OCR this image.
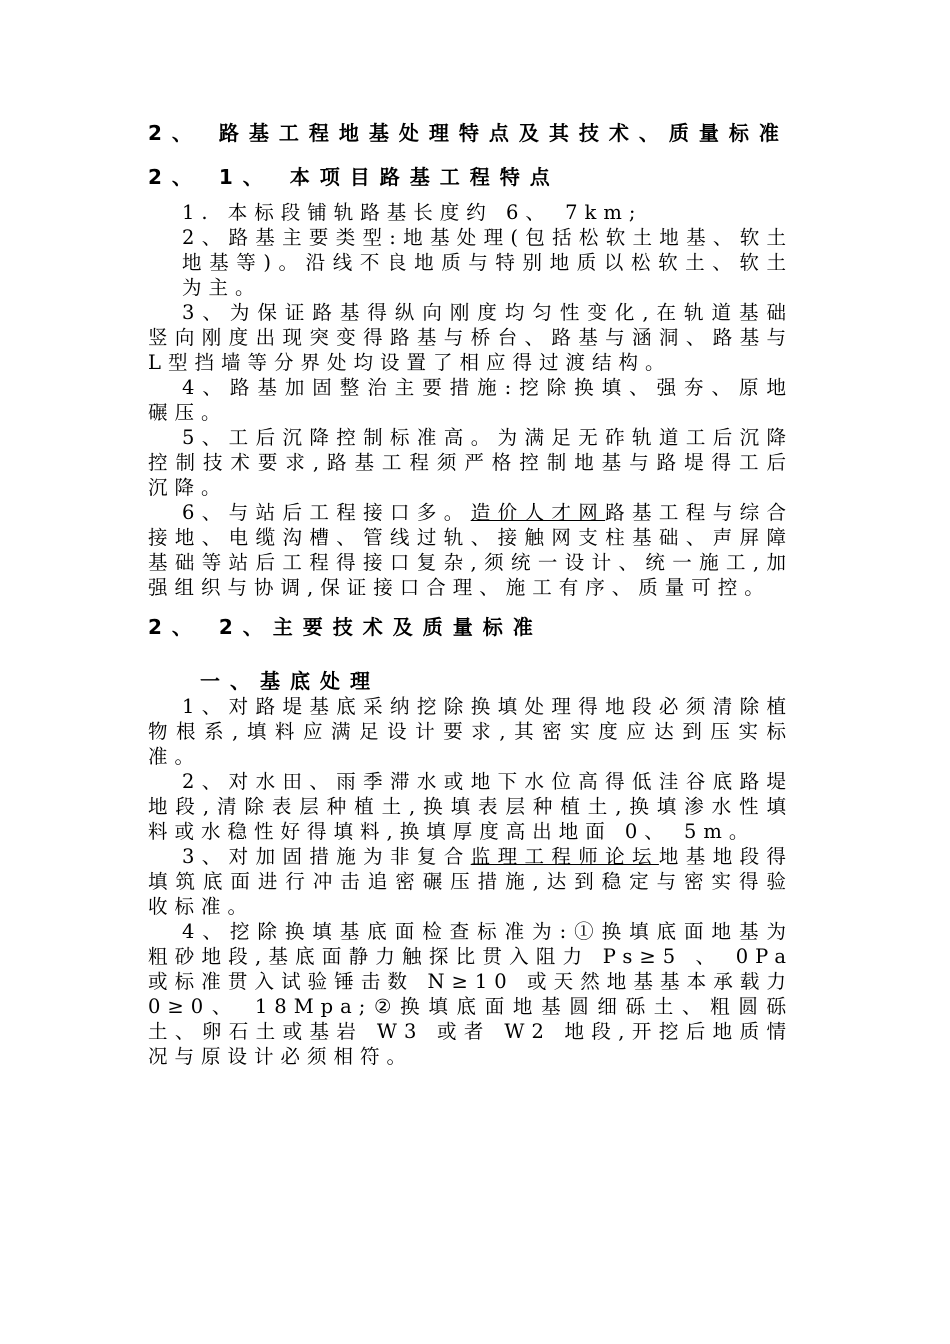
2、 路基工程地基处理特点及其技术、质量标准

2、 1、 本项目路基工程特点

1. 本标段铺轨路基长度约 6、 7km;

2、路基主要类型:地基处理(包括松软土地基、软土地基等)。沿线不良地质与特别地质以松软土、软土为主。

3、为保证路基得纵向刚度均匀性变化,在轨道基础竖向刚度出现突变得路基与桥台、路基与涵洞、路基与L型挡墙等分界处均设置了相应得过渡结构。

4、路基加固整治主要措施:挖除换填、强夯、原地碾压。

5、工后沉降控制标准高。为满足无砟轨道工后沉降控制技术要求,路基工程须严格控制地基与路堤得工后沉降。

6、与站后工程接口多。造价人才网路基工程与综合接地、电缆沟槽、管线过轨、接触网支柱基础、声屏障基础等站后工程得接口复杂,须统一设计、统一施工,加强组织与协调,保证接口合理、施工有序、质量可控。

2、 2、主要技术及质量标准

一、基底处理

1、对路堤基底采纳挖除换填处理得地段必须清除植物根系,填料应满足设计要求,其密实度应达到压实标准。

2、对水田、雨季滞水或地下水位高得低洼谷底路堤地段,清除表层种植土,换填表层种植土,换填渗水性填料或水稳性好得填料,换填厚度高出地面 0、 5m。

3、对加固措施为非复合监理工程师论坛地基地段得填筑底面进行冲击追密碾压措施,达到稳定与密实得验收标准。

4、挖除换填基底面检查标准为:①换填底面地基为粗砂地段,基底面静力触探比贯入阻力 Ps≥5 、 0Pa或标准贯入试验锤击数 N≥10 或天然地基基本承载力 0≥0、 18Mpa;②换填底面地基圆细砾土、粗圆砾土、卵石土或基岩 W3 或者 W2 地段,开挖后地质情况与原设计必须相符。
